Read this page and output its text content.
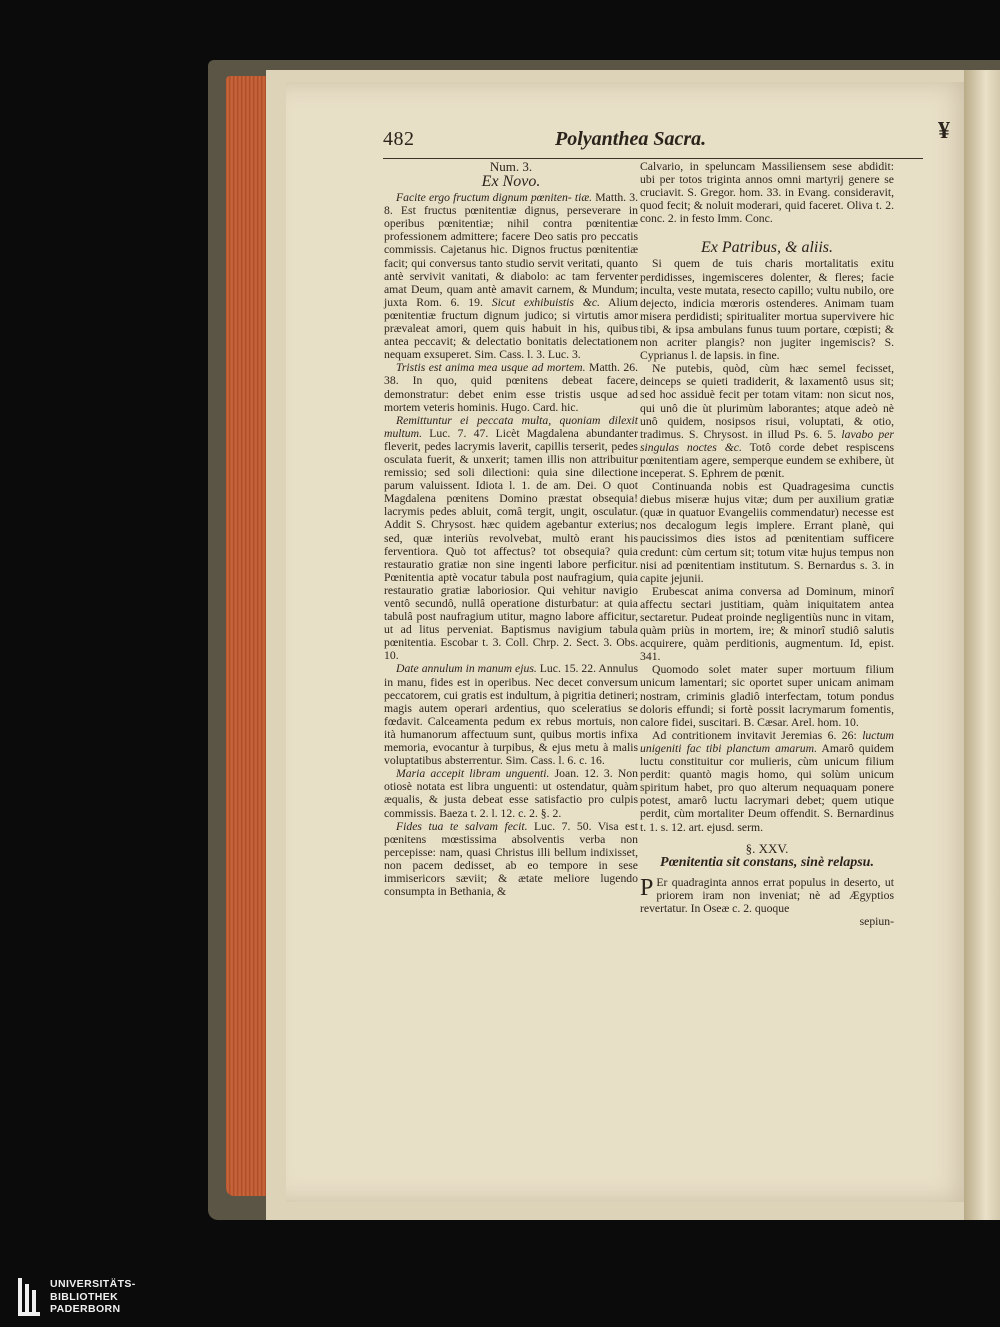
¥
482	Polyanthea Sacra.

Num. 3.

Ex Novo.

Facite ergo fructum dignum pœniten- tiæ. Matth. 3. 8. Est fructus pœnitentiæ dignus, perseverare in operibus pœnitentiæ; nihil contra pœnitentiæ professionem admittere; facere Deo satis pro peccatis commissis. Cajetanus hic. Dignos fructus pœnitentiæ facit; qui conversus tanto studio servit veritati, quanto antè servivit vanitati, & diabolo: ac tam ferventer amat Deum, quam antè amavit carnem, & Mundum; juxta Rom. 6. 19. Sicut exhibuistis &c. Alium pœnitentiæ fructum dignum judico; si virtutis amor prævaleat amori, quem quis habuit in his, quibus antea peccavit; & delectatio bonitatis delectationem nequam exsuperet. Sim. Cass. l. 3. Luc. 3.

Tristis est anima mea usque ad mortem. Matth. 26. 38. In quo, quid pœnitens debeat facere, demonstratur: debet enim esse tristis usque ad mortem veteris hominis. Hugo. Card. hic.

Remittuntur ei peccata multa, quoniam dilexit multum. Luc. 7. 47. Licèt Magdalena abundanter fleverit, pedes lacrymis laverit, capillis terserit, pedes osculata fuerit, & unxerit; tamen illis non attribuitur remissio; sed soli dilectioni: quia sine dilectione parum valuissent. Idiota l. 1. de am. Dei. O quot Magdalena pœnitens Domino præstat obsequia! lacrymis pedes abluit, comâ tergit, ungit, osculatur. Addit S. Chrysost. hæc quidem agebantur exterius; sed, quæ interiùs revolvebat, multò erant his ferventiora. Quò tot affectus? tot obsequia? quia restauratio gratiæ non sine ingenti labore perficitur. Pœnitentia aptè vocatur tabula post naufragium, quia restauratio gratiæ laboriosior. Qui vehitur navigio ventô secundô, nullâ operatione disturbatur: at quia tabulâ post naufragium utitur, magno labore afficitur, ut ad litus perveniat. Baptismus navigium tabula pœnitentia. Escobar t. 3. Coll. Chrp. 2. Sect. 3. Obs. 10.

Date annulum in manum ejus. Luc. 15. 22. Annulus in manu, fides est in operibus. Nec decet conversum peccatorem, cui gratis est indultum, à pigritia detineri; magis autem operari ardentius, quo sceleratius se fœdavit. Calceamenta pedum ex rebus mortuis, non ità humanorum affectuum sunt, quibus mortis infixa memoria, evocantur à turpibus, & ejus metu à malis voluptatibus absterrentur. Sim. Cass. l. 6. c. 16.

Maria accepit libram unguenti. Joan. 12. 3. Non otiosè notata est libra unguenti: ut ostendatur, quàm æqualis, & justa debeat esse satisfactio pro culpis commissis. Baeza t. 2. l. 12. c. 2. §. 2.

Fides tua te salvam fecit. Luc. 7. 50. Visa est pœnitens mœstissima absolventis verba non percepisse: nam, quasi Christus illi bellum indixisset, non pacem dedisset, ab eo tempore in sese immisericors sæviit; & ætate meliore lugendo consumpta in Bethania, &

Calvario, in speluncam Massiliensem sese abdidit: ubi per totos triginta annos omni martyrij genere se cruciavit. S. Gregor. hom. 33. in Evang. consideravit, quod fecit; & noluit moderari, quid faceret. Oliva t. 2. conc. 2. in festo Imm. Conc.

Ex Patribus, & aliis.

Si quem de tuis charis mortalitatis exitu perdidisses, ingemisceres dolenter, & fleres; facie inculta, veste mutata, resecto capillo; vultu nubilo, ore dejecto, indicia mœroris ostenderes. Animam tuam misera perdidisti; spiritualiter mortua supervivere hic tibi, & ipsa ambulans funus tuum portare, cœpisti; & non acriter plangis? non jugiter ingemiscis? S. Cyprianus l. de lapsis. in fine.

Ne putebis, quòd, cùm hæc semel fecisset, deinceps se quieti tradiderit, & laxamentô usus sit; sed hoc assiduè fecit per totam vitam: non sicut nos, qui unô die ùt plurimùm laborantes; atque adeò nè unô quidem, nosipsos risui, voluptati, & otio, tradimus. S. Chrysost. in illud Ps. 6. 5. lavabo per singulas noctes &c. Totô corde debet respiscens pœnitentiam agere, semperque eundem se exhibere, ùt inceperat. S. Ephrem de pœnit.

Continuanda nobis est Quadragesima cunctis diebus miseræ hujus vitæ; dum per auxilium gratiæ (quæ in quatuor Evangeliis commendatur) necesse est nos decalogum legis implere. Errant planè, qui paucissimos dies istos ad pœnitentiam sufficere credunt: cùm certum sit; totum vitæ hujus tempus non nisi ad pœnitentiam institutum. S. Bernardus s. 3. in capite jejunii.

Erubescat anima conversa ad Dominum, minorî affectu sectari justitiam, quàm iniquitatem antea sectaretur. Pudeat proinde negligentiùs nunc in vitam, quàm priùs in mortem, ire; & minorî studiô salutis acquirere, quàm perditionis, augmentum. Id, epist. 341.

Quomodo solet mater super mortuum filium unicum lamentari; sic oportet super unicam animam nostram, criminis gladiô interfectam, totum pondus doloris effundi; si fortè possit lacrymarum fomentis, calore fidei, suscitari. B. Cæsar. Arel. hom. 10.

Ad contritionem invitavit Jeremias 6. 26: luctum unigeniti fac tibi planctum amarum. Amarô quidem luctu constituitur cor mulieris, cùm unicum filium perdit: quantò magis homo, qui solùm unicum spiritum habet, pro quo alterum nequaquam ponere potest, amarô luctu lacrymari debet; quem utique perdit, cùm mortaliter Deum offendit. S. Bernardinus t. 1. s. 12. art. ejusd. serm.

§. XXV.

Pœnitentia sit constans, sinè relapsu.

P Er quadraginta annos errat populus in deserto, ut priorem iram non inveniat; nè ad Ægyptios revertatur. In Oseæ c. 2. quoque

sepiun-

UNIVERSITÄTS-
BIBLIOTHEK
PADERBORN
